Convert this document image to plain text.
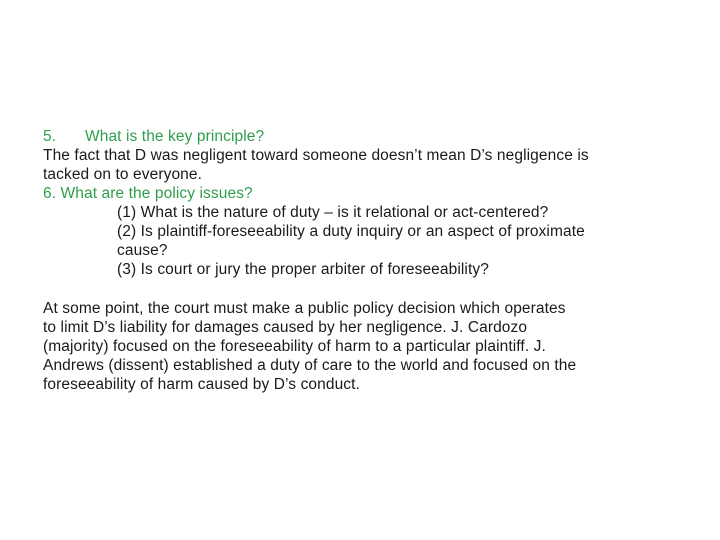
5. What is the key principle?
The fact that D was negligent toward someone doesn’t mean D’s negligence is
tacked on to everyone.
6. What are the policy issues?
(1) What is the nature of duty – is it relational or act-centered?
(2) Is plaintiff-foreseeability a duty inquiry or an aspect of proximate
cause?
(3) Is court or jury the proper arbiter of foreseeability?
At some point, the court must make a public policy decision which operates
to limit D’s liability for damages caused by her negligence. J. Cardozo
(majority) focused on the foreseeability of harm to a particular plaintiff. J.
Andrews (dissent) established a duty of care to the world and focused on the
foreseeability of harm caused by D’s conduct.
